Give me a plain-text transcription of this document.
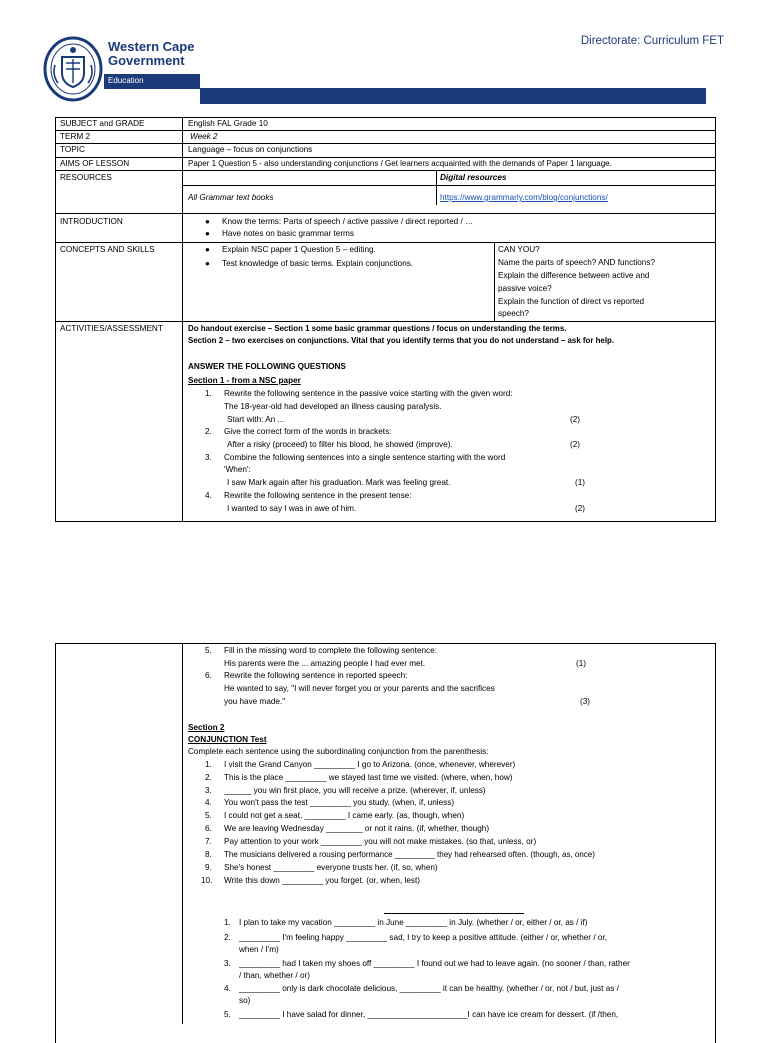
Western Cape
Government
Education
Directorate: Curriculum FET
SUBJECT and GRADE	English FAL Grade 10
TERM 2	Week 2
TOPIC	Language – focus on conjunctions
AIMS OF LESSON	Paper 1 Question 5 - also understanding conjunctions / Get learners acquainted with the demands of Paper 1 language.
RESOURCES	Digital resources
All Grammar text books	https://www.grammarly.com/blog/conjunctions/
INTRODUCTION	● Know the terms: Parts of speech / active passive / direct reported / …
● Have notes on basic grammar terms
CONCEPTS AND SKILLS	● Explain NSC paper 1 Question 5 – editing.
● Test knowledge of basic terms. Explain conjunctions.
CAN YOU?
Name the parts of speech? AND functions?
Explain the difference between active and
passive voice?
Explain the function of direct vs reported
speech?
ACTIVITIES/ASSESSMENT	Do handout exercise – Section 1 some basic grammar questions / focus on understanding the terms.
Section 2 – two exercises on conjunctions. Vital that you identify terms that you do not understand – ask for help.
ANSWER THE FOLLOWING QUESTIONS
Section 1 - from a NSC paper
1. Rewrite the following sentence in the passive voice starting with the given word:
The 18-year-old had developed an illness causing paralysis.
Start with: An ...	(2)
2. Give the correct form of the words in brackets:
After a risky (proceed) to filter his blood, he showed (improve).	(2)
3. Combine the following sentences into a single sentence starting with the word
'When':
I saw Mark again after his graduation. Mark was feeling great.	(1)
4. Rewrite the following sentence in the present tense:
I wanted to say I was in awe of him.	(2)
5. Fill in the missing word to complete the following sentence:
His parents were the ... amazing people I had ever met.	(1)
6. Rewrite the following sentence in reported speech:
He wanted to say, "I will never forget you or your parents and the sacrifices
you have made."	(3)
Section 2
CONJUNCTION Test
Complete each sentence using the subordinating conjunction from the parenthesis:
1. I visit the Grand Canyon _________ I go to Arizona. (once, whenever, wherever)
2. This is the place _________ we stayed last time we visited. (where, when, how)
3. ______ you win first place, you will receive a prize. (wherever, if, unless)
4. You won't pass the test _________ you study. (when, if, unless)
5. I could not get a seat, _________ I came early. (as, though, when)
6. We are leaving Wednesday ________ or not it rains. (if, whether, though)
7. Pay attention to your work _________ you will not make mistakes. (so that, unless, or)
8. The musicians delivered a rousing performance _________ they had rehearsed often. (though, as, once)
9. She's honest _________ everyone trusts her. (if, so, when)
10. Write this down _________ you forget. (or, when, lest)
1. I plan to take my vacation _________ in June _________ in July. (whether / or, either / or, as / if)
2. _________ I'm feeling happy _________ sad, I try to keep a positive attitude. (either / or, whether / or,
when / I'm)
3. _________ had I taken my shoes off _________ I found out we had to leave again. (no sooner / than, rather
/ than, whether / or)
4. _________ only is dark chocolate delicious, _________ it can be healthy. (whether / or, not / but, just as /
so)
5. _________ I have salad for dinner, ______________________I can have ice cream for dessert. (if /then,
